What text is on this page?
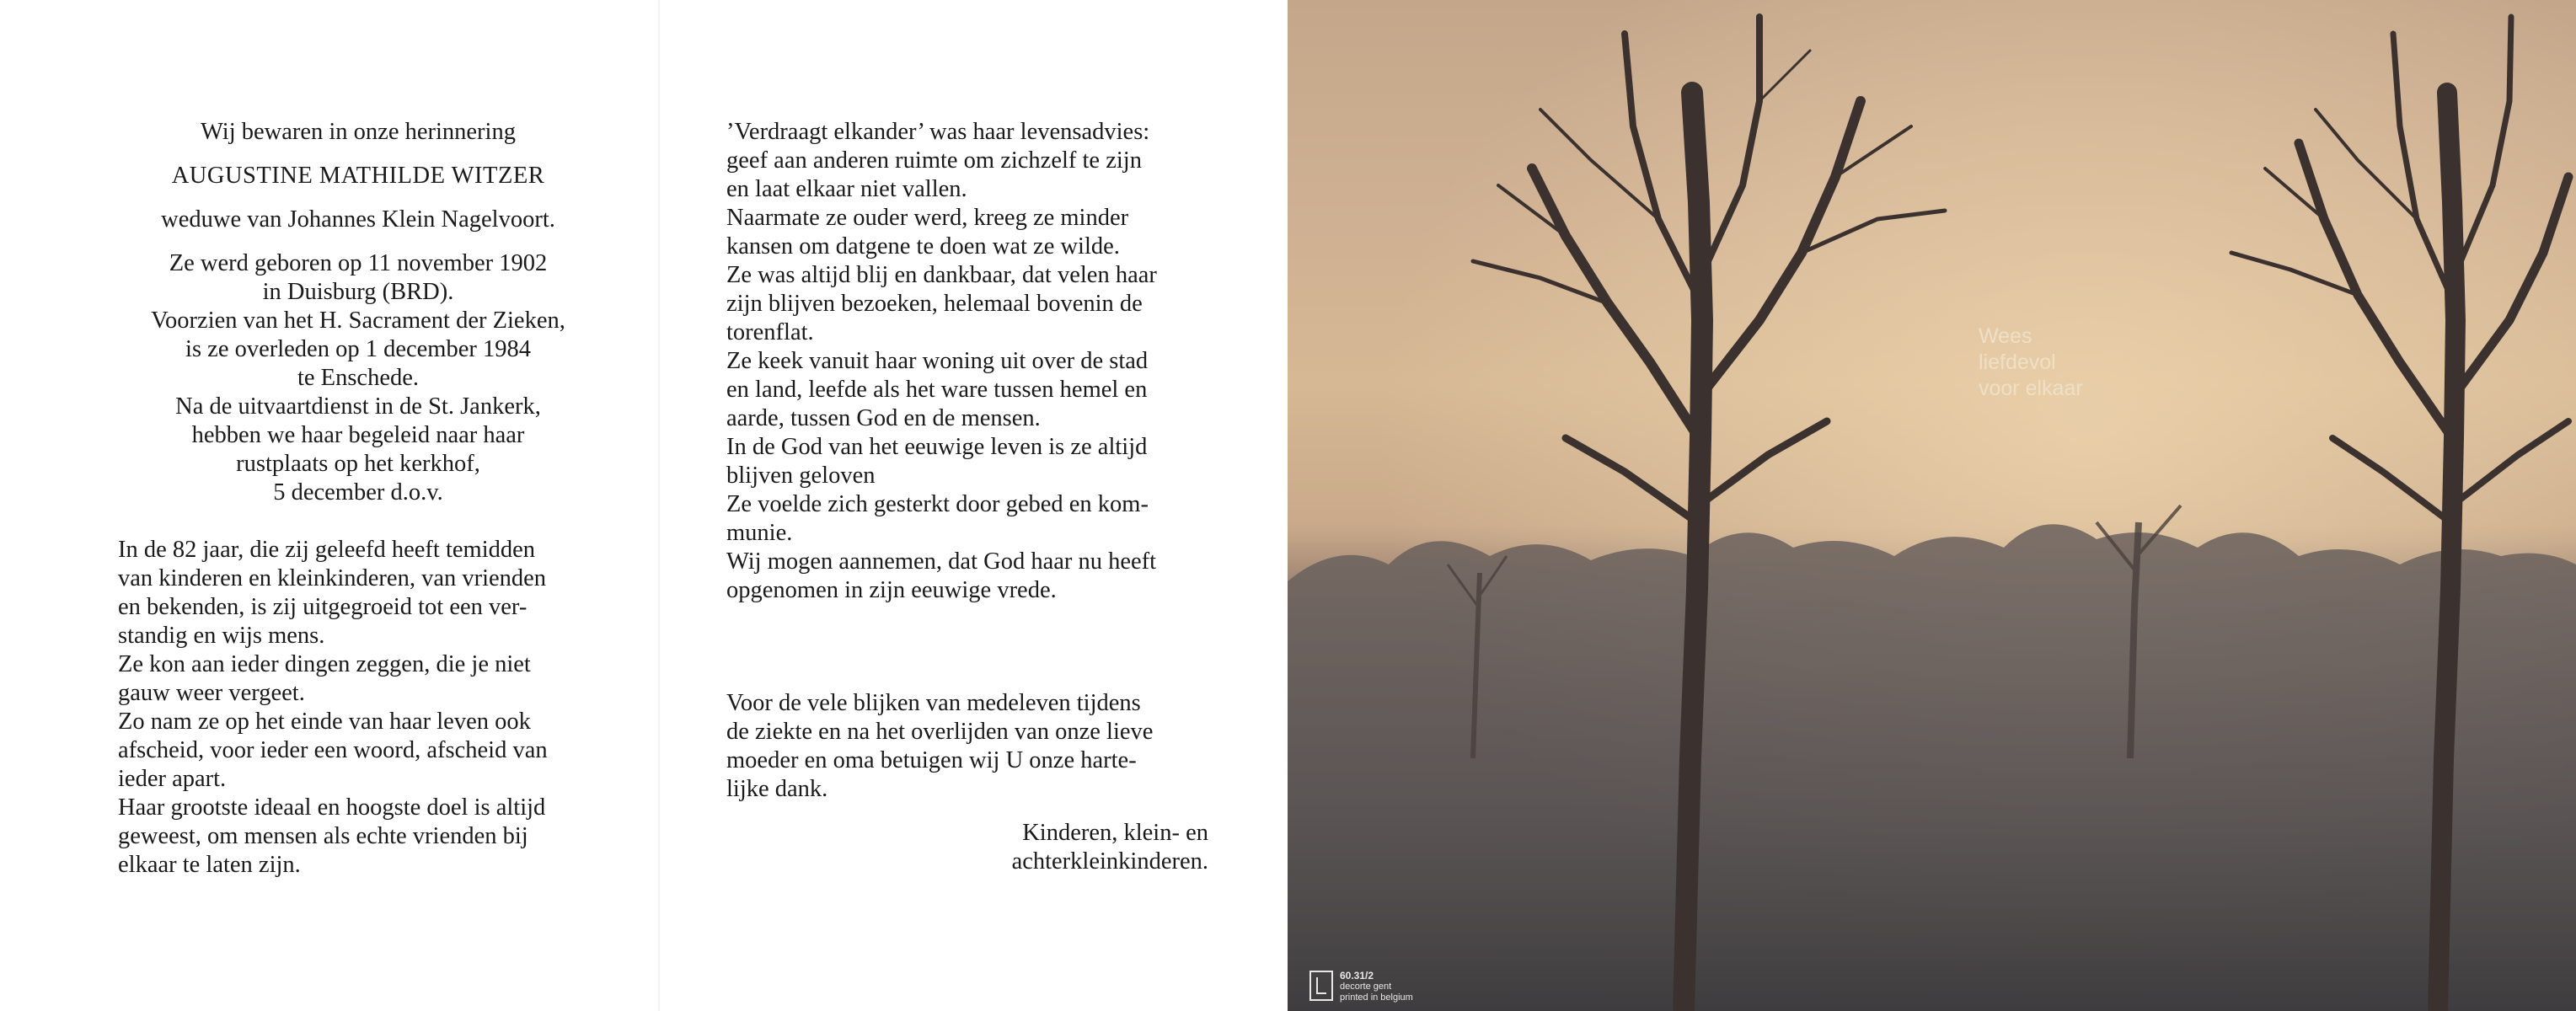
Wij bewaren in onze herinnering

AUGUSTINE MATHILDE WITZER

weduwe van Johannes Klein Nagelvoort.

Ze werd geboren op 11 november 1902

in Duisburg (BRD).

Voorzien van het H. Sacrament der Zieken,

is ze overleden op 1 december 1984

te Enschede.

Na de uitvaartdienst in de St. Jankerk,

hebben we haar begeleid naar haar

rustplaats op het kerkhof,

5 december d.o.v.

In de 82 jaar, die zij geleefd heeft temidden

van kinderen en kleinkinderen, van vrienden

en bekenden, is zij uitgegroeid tot een ver-

standig en wijs mens.

Ze kon aan ieder dingen zeggen, die je niet

gauw weer vergeet.

Zo nam ze op het einde van haar leven ook

afscheid, voor ieder een woord, afscheid van

ieder apart.

Haar grootste ideaal en hoogste doel is altijd

geweest, om mensen als echte vrienden bij

elkaar te laten zijn.

’Verdraagt elkander’ was haar levensadvies:

geef aan anderen ruimte om zichzelf te zijn

en laat elkaar niet vallen.

Naarmate ze ouder werd, kreeg ze minder

kansen om datgene te doen wat ze wilde.

Ze was altijd blij en dankbaar, dat velen haar

zijn blijven bezoeken, helemaal bovenin de

torenflat.

Ze keek vanuit haar woning uit over de stad

en land, leefde als het ware tussen hemel en

aarde, tussen God en de mensen.

In de God van het eeuwige leven is ze altijd

blijven geloven

Ze voelde zich gesterkt door gebed en kom-

munie.

Wij mogen aannemen, dat God haar nu heeft

opgenomen in zijn eeuwige vrede.

Voor de vele blijken van medeleven tijdens

de ziekte en na het overlijden van onze lieve

moeder en oma betuigen wij U onze harte-

lijke dank.

Kinderen, klein- en

achterkleinkinderen.

Wees
liefdevol
voor elkaar
60.31/2
decorte gent
printed in belgium
